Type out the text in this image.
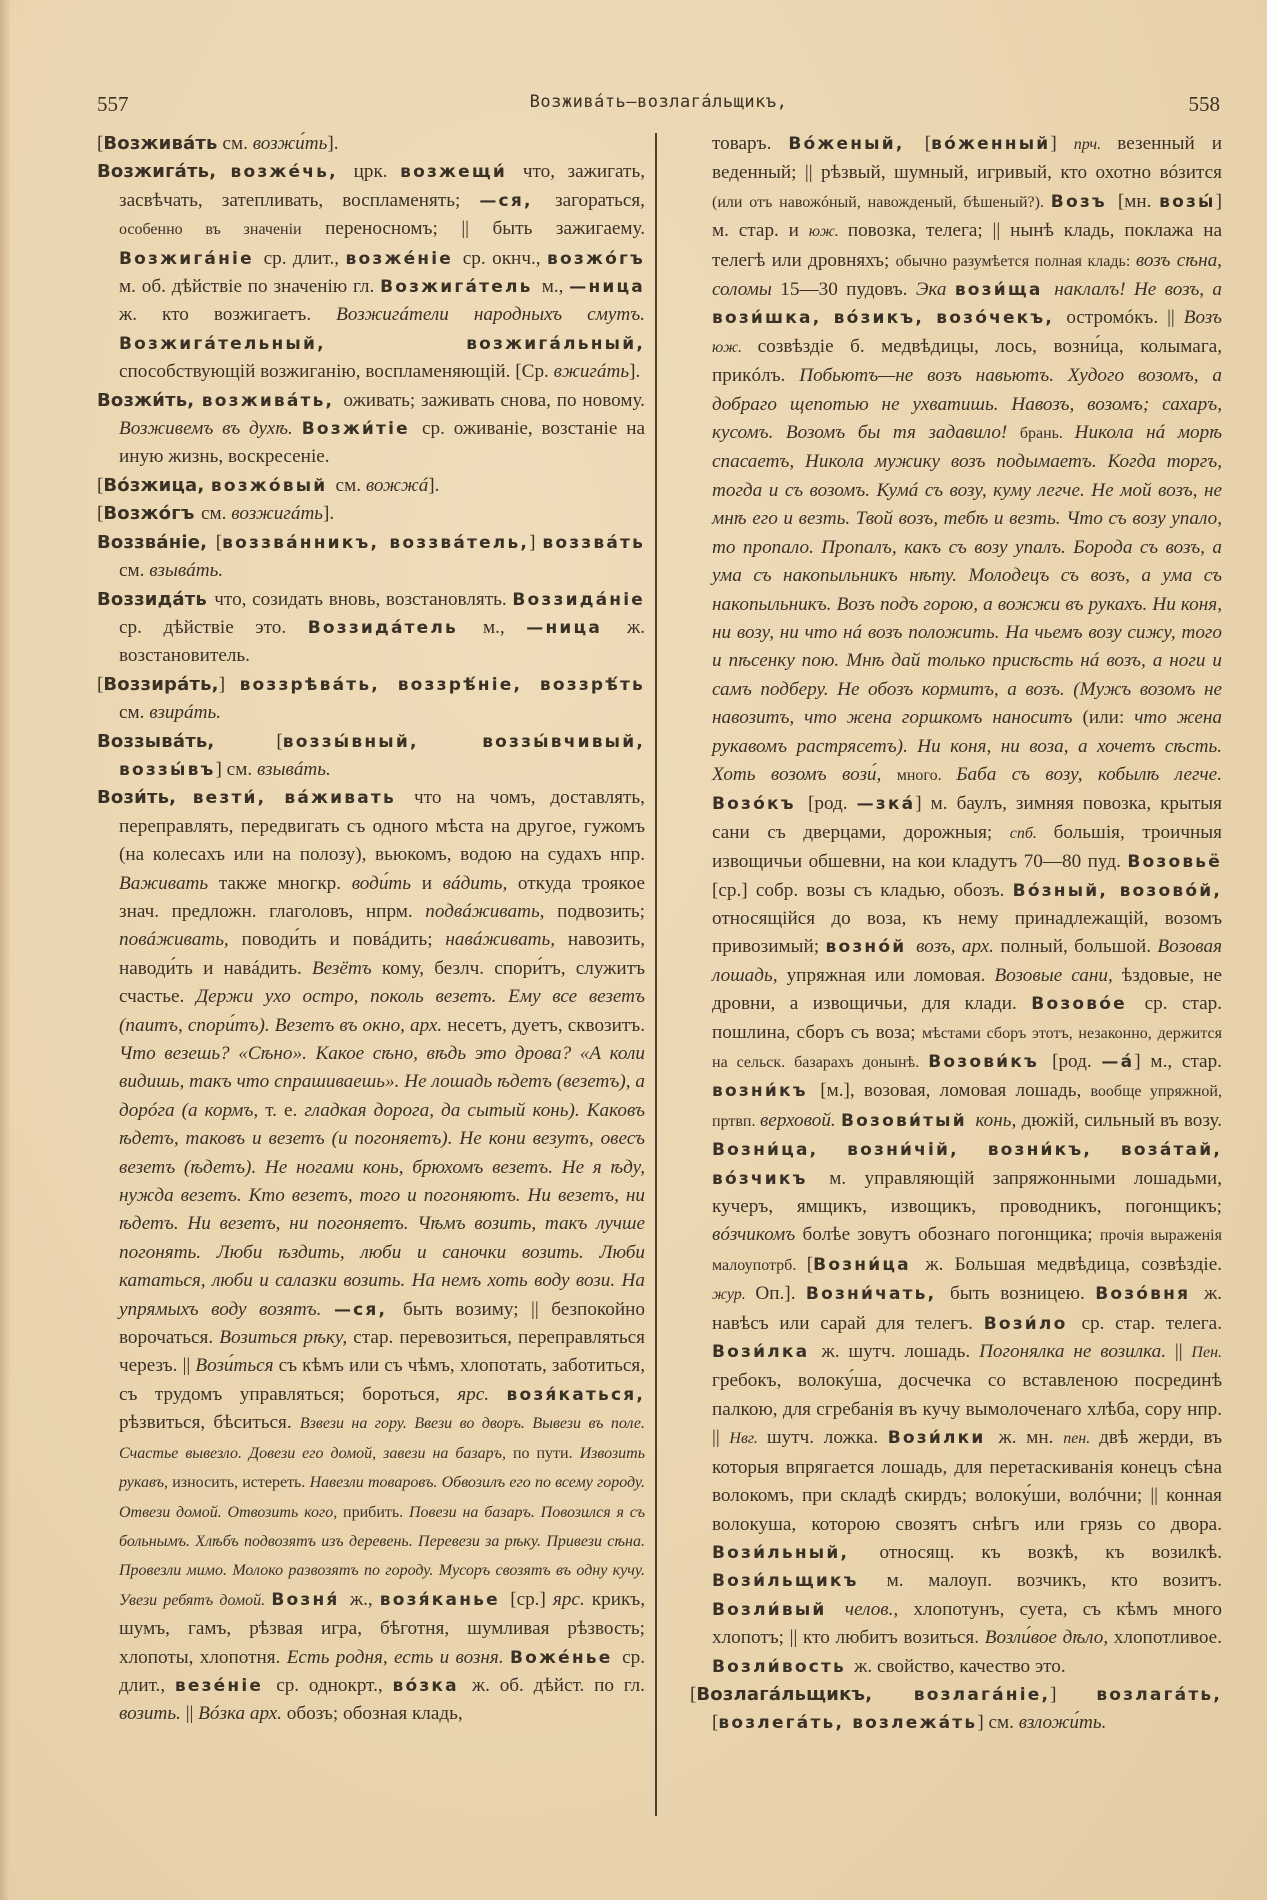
557	Возживáть—возлагáльщикъ,	558

[Возживáть см. возжи́ть].

Возжигáть, возжéчь, црк. возжещи́ что, зажигать, засвѣчать, затепливать, воспламенять; —ся, загораться, особенно въ значеніи переносномъ; || быть зажигаему. Возжигáніе ср. длит., возжéніе ср. окнч., возжóгъ м. об. дѣйствіе по значенію гл. Возжигáтель м., —ница ж. кто возжигаетъ. Возжигáтели народныхъ смутъ. Возжигáтельный, возжигáльный, способствующій возжиганію, воспламеняющій. [Ср. вжигáть].

Возжи́ть, возживáть, оживать; заживать снова, по новому. Возживемъ въ духѣ. Возжи́тіе ср. оживаніе, возстаніе на иную жизнь, воскресеніе.

[Вóзжица, возжóвый см. вожжá].

[Возжóгъ см. возжигáть].

Воззвáніе, [воззвáнникъ, воззвáтель,] воззвáть см. взывáть.

Воззидáть что, созидать вновь, возстановлять. Воззидáніе ср. дѣйствіе это. Воззидáтель м., —ница ж. возстановитель.

[Воззирáть,] воззрѣвáть, воззрѣ́ніе, воззрѣ́ть см. взирáть.

Воззывáть, [воззы́вный, воззы́вчивый, воззы́въ] см. взывáть.

Вози́ть, везти́, вáживать что на чомъ, доставлять, переправлять, передвигать съ одного мѣста на другое, гужомъ (на колесахъ или на полозу), вьюкомъ, водою на судахъ нпр. Важивать также многкр. води́ть и вáдить, откуда троякое знач. предложн. глаголовъ, нпрм. подвáживать, подвозить; повáживать, поводи́ть и повáдить; навáживать, навозить, наводи́ть и навáдить. Везётъ кому, безлч. спори́тъ, служитъ счастье. Держи ухо остро, поколь везетъ. Ему все везетъ (паитъ, спори́тъ). Везетъ въ окно, арх. несетъ, дуетъ, сквозитъ. Что везешь? «Сѣно». Какое сѣно, вѣдь это дрова? «А коли видишь, такъ что спрашиваешь». Не лошадь ѣдетъ (везетъ), а дорóга (а кормъ, т. е. гладкая дорога, да сытый конь). Каковъ ѣдетъ, таковъ и везетъ (и погоняетъ). Не кони везутъ, овесъ везетъ (ѣдетъ). Не ногами конь, брюхомъ везетъ. Не я ѣду, нужда везетъ. Кто везетъ, того и погоняютъ. Ни везетъ, ни ѣдетъ. Ни везетъ, ни погоняетъ. Чѣмъ возить, такъ лучше погонять. Люби ѣздить, люби и саночки возить. Люби кататься, люби и салазки возить. На немъ хоть воду вози. На упрямыхъ воду возятъ. —ся, быть возиму; || безпокойно ворочаться. Возиться рѣку, стар. перевозиться, переправляться черезъ. || Вози́ться съ кѣмъ или съ чѣмъ, хлопотать, заботиться, съ трудомъ управляться; бороться, ярс. возя́каться, рѣзвиться, бѣситься. Взвези на гору. Ввези во дворъ. Вывези въ поле. Счастье вывезло. Довези его домой, завези на базаръ, по пути. Извозить рукавъ, износить, истереть. Навезли товаровъ. Обвозилъ его по всему городу. Отвези домой. Отвозить кого, прибить. Повези на базаръ. Повозился я съ больнымъ. Хлѣбъ подвозятъ изъ деревень. Перевези за рѣку. Привези сѣна. Провезли мимо. Молоко развозятъ по городу. Мусоръ свозятъ въ одну кучу. Увези ребятъ домой. Возня́ ж., возя́канье [ср.] ярс. крикъ, шумъ, гамъ, рѣзвая игра, бѣготня, шумливая рѣзвость; хлопоты, хлопотня. Есть родня, есть и возня. Вожéнье ср. длит., везéніе ср. однокрт., вóзка ж. об. дѣйст. по гл. возить. || Вóзка арх. обозъ; обозная кладь,

товаръ. Вóженый, [вóженный] прч. везенный и веденный; || рѣзвый, шумный, игривый, кто охотно вóзится (или отъ навожóный, навожденый, бѣшеный?). Возъ [мн. возы́] м. стар. и юж. повозка, телега; || нынѣ кладь, поклажа на телегѣ или дровняхъ; обычно разумѣется полная кладь: возъ сѣна, соломы 15—30 пудовъ. Эка вози́ща наклалъ! Не возъ, а вози́шка, вóзикъ, возóчекъ, остромóкъ. || Возъ юж. созвѣздіе б. медвѣдицы, лось, возни́ца, колымага, прикóлъ. Побьютъ—не возъ навьютъ. Худого возомъ, а добраго щепотью не ухватишь. Навозъ, возомъ; сахаръ, кусомъ. Возомъ бы тя задавило! брань. Никола нá морѣ спасаетъ, Никола мужику возъ подымаетъ. Когда торгъ, тогда и съ возомъ. Кумá съ возу, куму легче. Не мой возъ, не мнѣ его и везть. Твой возъ, тебѣ и везть. Что съ возу упало, то пропало. Пропалъ, какъ съ возу упалъ. Борода съ возъ, а ума съ накопыльникъ нѣту. Молодецъ съ возъ, а ума съ накопыльникъ. Возъ подъ горою, а вожжи въ рукахъ. Ни коня, ни возу, ни что нá возъ положить. На чьемъ возу сижу, того и пѣсенку пою. Мнѣ дай только присѣсть нá возъ, а ноги и самъ подберу. Не обозъ кормитъ, а возъ. (Мужъ возомъ не навозитъ, что жена горшкомъ наноситъ (или: что жена рукавомъ растрясетъ). Ни коня, ни воза, а хочетъ сѣсть. Хоть возомъ вози́, много. Баба съ возу, кобылѣ легче. Возóкъ [род. —зкá] м. баулъ, зимняя повозка, крытыя сани съ дверцами, дорожныя; спб. большія, троичныя извощичьи обшевни, на кои кладутъ 70—80 пуд. Возовьё [ср.] собр. возы съ кладью, обозъ. Вóзный, возовóй, относящійся до воза, къ нему принадлежащій, возомъ привозимый; вознóй возъ, арх. полный, большой. Возовая лошадь, упряжная или ломовая. Возовые сани, ѣздовые, не дровни, а извощичьи, для клади. Возовóе ср. стар. пошлина, сборъ съ воза; мѣстами сборъ этотъ, незаконно, держится на сельск. базарахъ донынѣ. Возови́къ [род. —á] м., стар. возни́къ [м.], возовая, ломовая лошадь, вообще упряжной, пртвп. верховой. Возови́тый конь, дюжій, сильный въ возу. Возни́ца, возни́чій, возни́къ, возáтай, вóзчикъ м. управляющій запряжонными лошадьми, кучеръ, ямщикъ, извощикъ, проводникъ, погонщикъ; вóзчикомъ болѣе зовутъ обознаго погонщика; прочія выраженія малоупотрб. [Возни́ца ж. Большая медвѣдица, созвѣздіе. жур. Оп.]. Возни́чать, быть возницею. Возóвня ж. навѣсъ или сарай для телегъ. Вози́ло ср. стар. телега. Вози́лка ж. шутч. лошадь. Погонялка не возилка. || Пен. гребокъ, волоку́ша, досчечка со вставленою посрединѣ палкою, для сгребанія въ кучу вымолоченаго хлѣба, сору нпр. || Нвг. шутч. ложка. Вози́лки ж. мн. пен. двѣ жерди, въ которыя впрягается лошадь, для перетаскиванія конецъ сѣна волокомъ, при складѣ скирдъ; волоку́ши, волóчни; || конная волокуша, которою свозятъ снѣгъ или грязь со двора. Вози́льный, относящ. къ возкѣ, къ возилкѣ. Вози́льщикъ м. малоуп. возчикъ, кто возитъ. Возли́вый челов., хлопотунъ, суета, съ кѣмъ много хлопотъ; || кто любитъ возиться. Возли́вое дѣло, хлопотливое. Возли́вость ж. свойство, качество это.

[Возлагáльщикъ, возлагáніе,] возлагáть, [возлегáть, возлежáть] см. взложи́ть.
